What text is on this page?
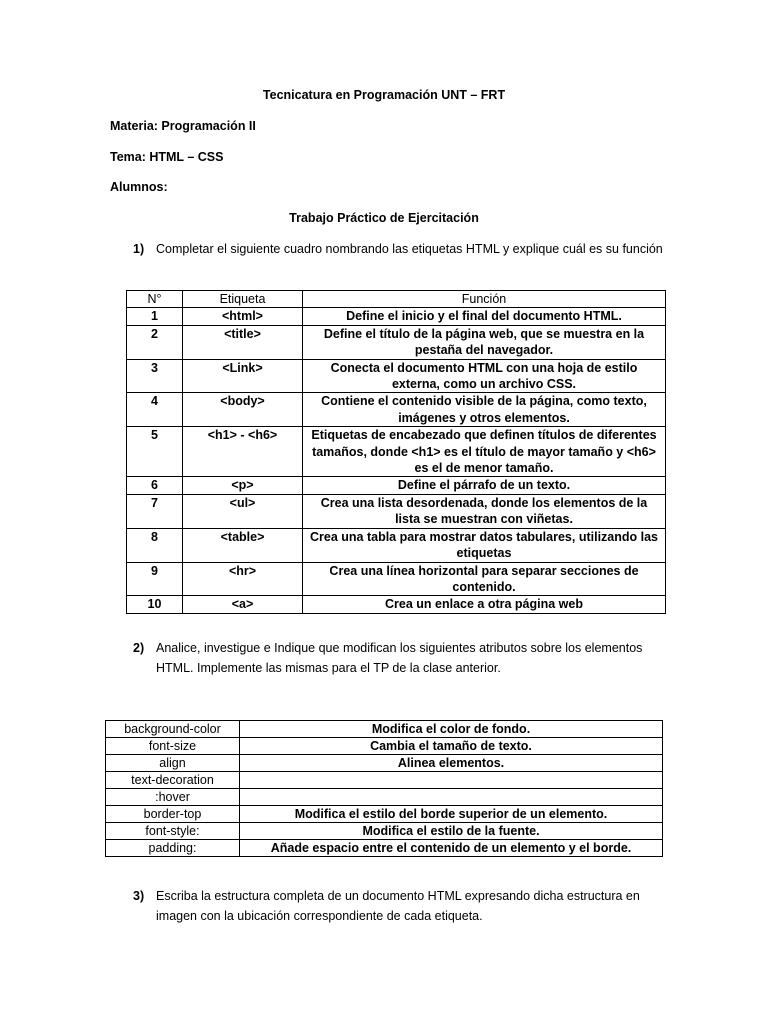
Tecnicatura en Programación UNT – FRT
Materia: Programación II
Tema: HTML – CSS
Alumnos:
Trabajo Práctico de Ejercitación
1) Completar el siguiente cuadro nombrando las etiquetas HTML y explique cuál es su función
N°	Etiqueta	Función
1	<html>	Define el inicio y el final del documento HTML.
2	<title>	Define el título de la página web, que se muestra en la pestaña del navegador.
3	<Link>	Conecta el documento HTML con una hoja de estilo externa, como un archivo CSS.
4	<body>	Contiene el contenido visible de la página, como texto, imágenes y otros elementos.
5	<h1> - <h6>	Etiquetas de encabezado que definen títulos de diferentes tamaños, donde <h1> es el título de mayor tamaño y <h6> es el de menor tamaño.
6	<p>	Define el párrafo de un texto.
7	<ul>	Crea una lista desordenada, donde los elementos de la lista se muestran con viñetas.
8	<table>	Crea una tabla para mostrar datos tabulares, utilizando las etiquetas
9	<hr>	Crea una línea horizontal para separar secciones de contenido.
10	<a>	Crea un enlace a otra página web
2) Analice, investigue e Indique que modifican los siguientes atributos sobre los elementos HTML. Implemente las mismas para el TP de la clase anterior.
background-color	Modifica el color de fondo.
font-size	Cambia el tamaño de texto.
align	Alinea elementos.
text-decoration	
:hover	
border-top	Modifica el estilo del borde superior de un elemento.
font-style:	Modifica el estilo de la fuente.
padding:	Añade espacio entre el contenido de un elemento y el borde.
3) Escriba la estructura completa de un documento HTML expresando dicha estructura en imagen con la ubicación correspondiente de cada etiqueta.
